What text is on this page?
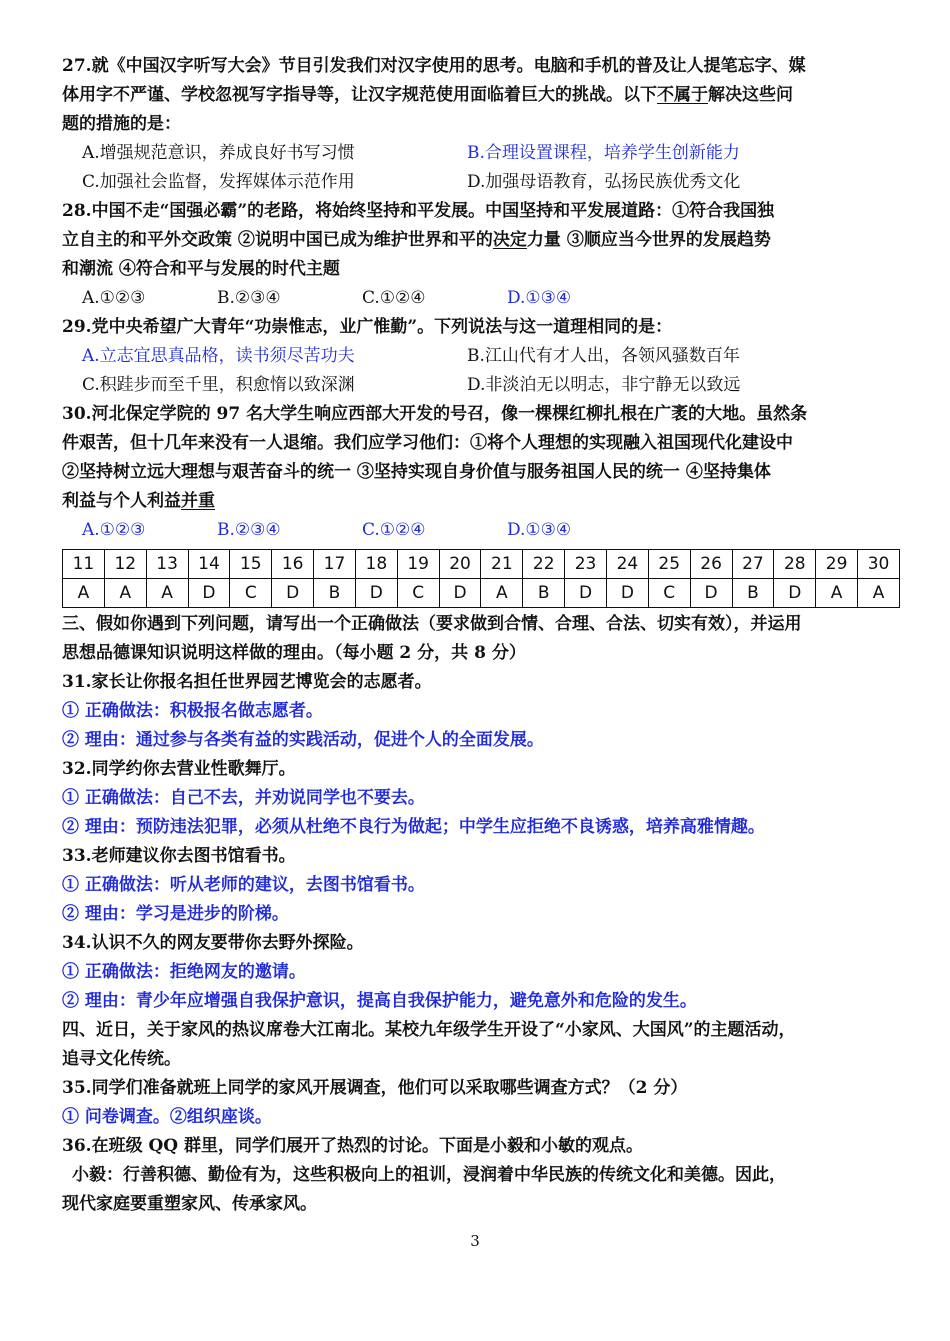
27.就《中国汉字听写大会》节目引发我们对汉字使用的思考。电脑和手机的普及让人提笔忘字、媒
体用字不严谨、学校忽视写字指导等，让汉字规范使用面临着巨大的挑战。以下不属于解决这些问
题的措施的是：
A.增强规范意识，养成良好书写习惯	B.合理设置课程，培养学生创新能力
C.加强社会监督，发挥媒体示范作用	D.加强母语教育，弘扬民族优秀文化
28.中国不走“国强必霸”的老路，将始终坚持和平发展。中国坚持和平发展道路：①符合我国独
立自主的和平外交政策 ②说明中国已成为维护世界和平的决定力量 ③顺应当今世界的发展趋势
和潮流 ④符合和平与发展的时代主题
A.①②③	B.②③④	C.①②④	D.①③④
29.党中央希望广大青年“功崇惟志，业广惟勤”。下列说法与这一道理相同的是：
A.立志宜思真品格，读书须尽苦功夫	B.江山代有才人出，各领风骚数百年
C.积跬步而至千里，积愈惰以致深渊	D.非淡泊无以明志，非宁静无以致远
30.河北保定学院的 97 名大学生响应西部大开发的号召，像一棵棵红柳扎根在广袤的大地。虽然条
件艰苦，但十几年来没有一人退缩。我们应学习他们：①将个人理想的实现融入祖国现代化建设中
②坚持树立远大理想与艰苦奋斗的统一 ③坚持实现自身价值与服务祖国人民的统一 ④坚持集体
利益与个人利益并重
A.①②③	B.②③④	C.①②④	D.①③④
11	12	13	14	15	16	17	18	19	20	21	22	23	24	25	26	27	28	29	30
A	A	A	D	C	D	B	D	C	D	A	B	D	D	C	D	B	D	A	A
三、假如你遇到下列问题，请写出一个正确做法（要求做到合情、合理、合法、切实有效），并运用
思想品德课知识说明这样做的理由。（每小题 2 分，共 8 分）
31.家长让你报名担任世界园艺博览会的志愿者。
① 正确做法：积极报名做志愿者。
② 理由：通过参与各类有益的实践活动，促进个人的全面发展。
32.同学约你去营业性歌舞厅。
① 正确做法：自己不去，并劝说同学也不要去。
② 理由：预防违法犯罪，必须从杜绝不良行为做起；中学生应拒绝不良诱惑，培养高雅情趣。
33.老师建议你去图书馆看书。
① 正确做法：听从老师的建议，去图书馆看书。
② 理由：学习是进步的阶梯。
34.认识不久的网友要带你去野外探险。
① 正确做法：拒绝网友的邀请。
② 理由：青少年应增强自我保护意识，提高自我保护能力，避免意外和危险的发生。
四、近日，关于家风的热议席卷大江南北。某校九年级学生开设了“小家风、大国风”的主题活动，
追寻文化传统。
35.同学们准备就班上同学的家风开展调查，他们可以采取哪些调查方式？（2 分）
① 问卷调查。②组织座谈。
36.在班级 QQ 群里，同学们展开了热烈的讨论。下面是小毅和小敏的观点。
小毅：行善积德、勤俭有为，这些积极向上的祖训，浸润着中华民族的传统文化和美德。因此，
现代家庭要重塑家风、传承家风。
3
